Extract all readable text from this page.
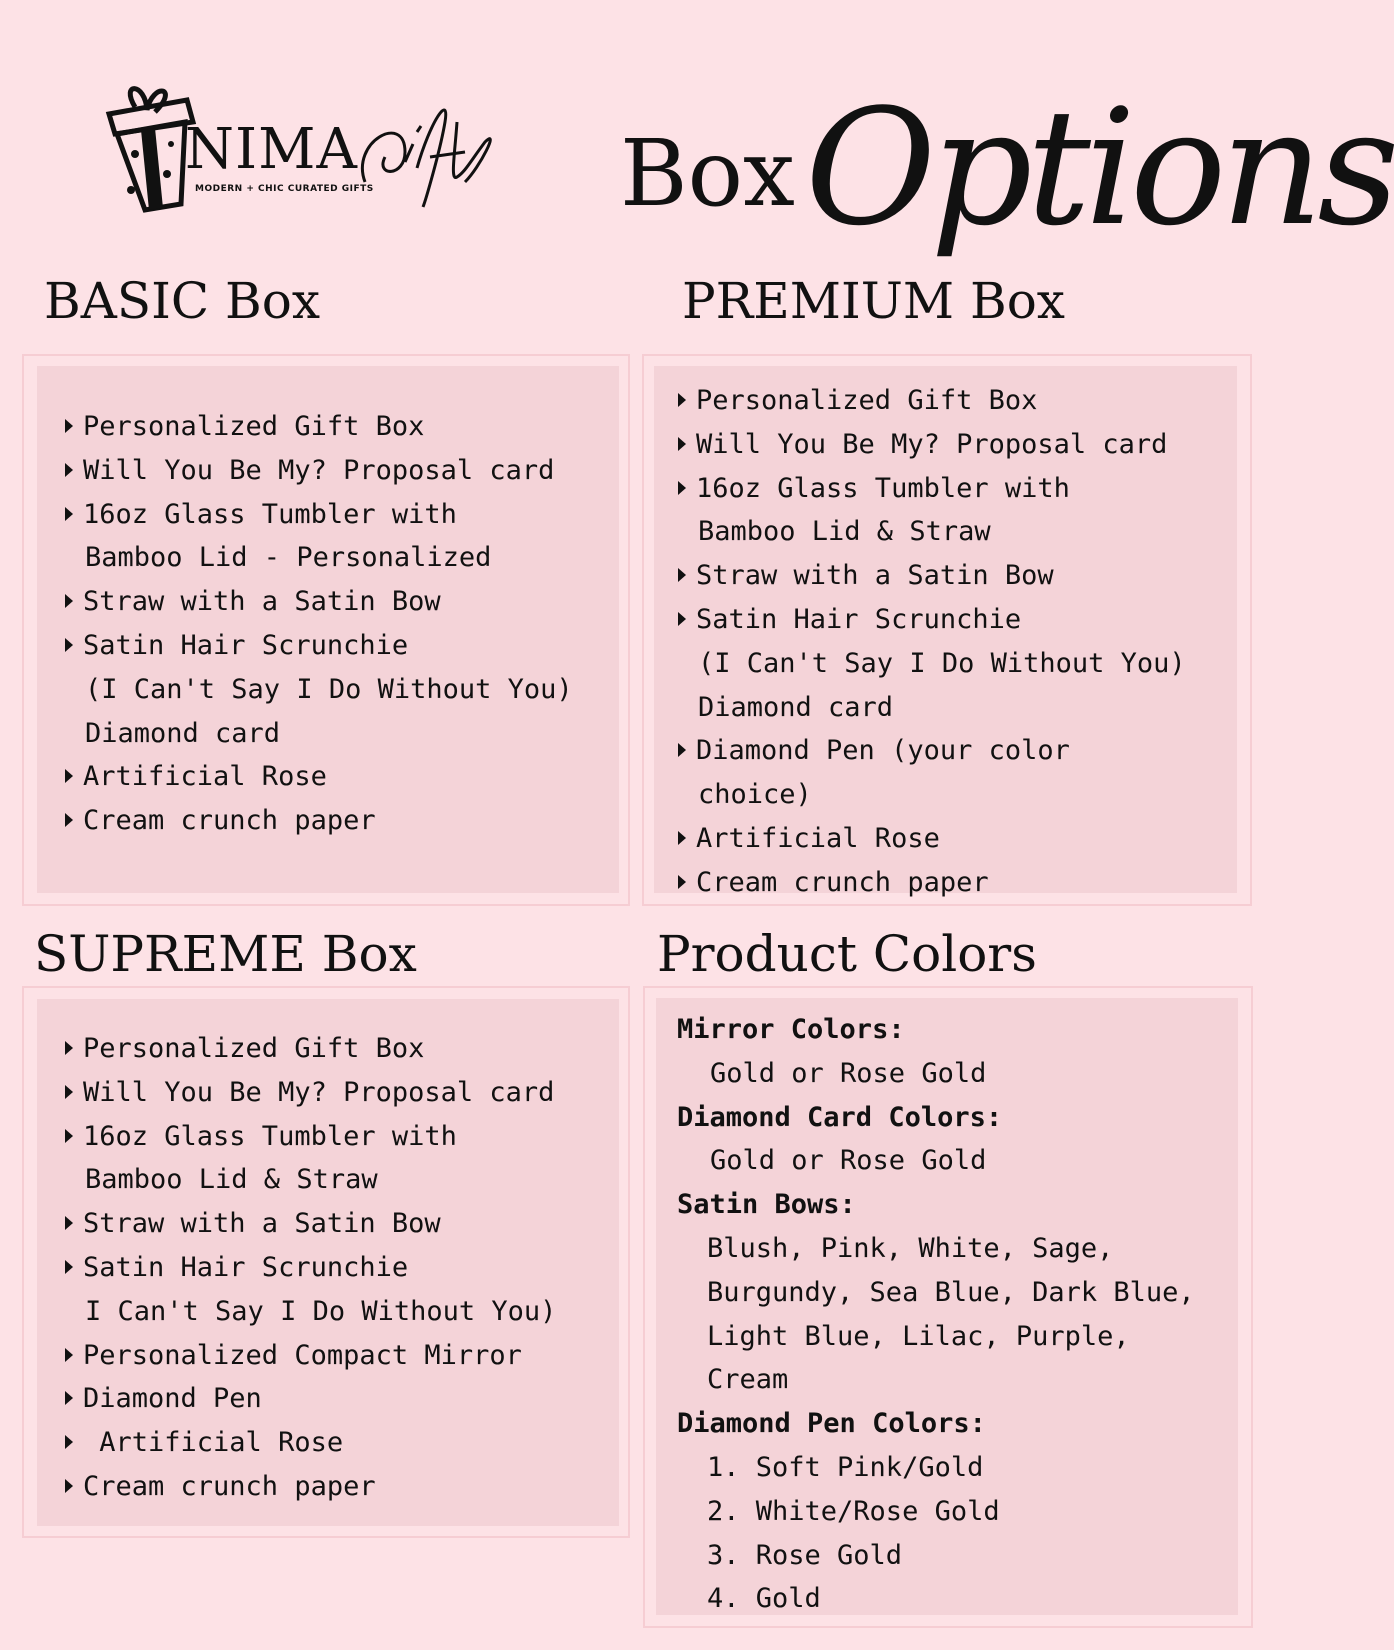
NIMA
MODERN + CHIC CURATED GIFTS	Box Options
BASIC Box
Personalized Gift Box
Will You Be My? Proposal card
16oz Glass Tumbler with
Bamboo Lid - Personalized
Straw with a Satin Bow
Satin Hair Scrunchie
(I Can't Say I Do Without You)
Diamond card
Artificial Rose
Cream crunch paper
PREMIUM Box
Personalized Gift Box
Will You Be My? Proposal card
16oz Glass Tumbler with
Bamboo Lid & Straw
Straw with a Satin Bow
Satin Hair Scrunchie
(I Can't Say I Do Without You)
Diamond card
Diamond Pen (your color
choice)
Artificial Rose
Cream crunch paper
SUPREME Box
Personalized Gift Box
Will You Be My? Proposal card
16oz Glass Tumbler with
Bamboo Lid & Straw
Straw with a Satin Bow
Satin Hair Scrunchie
I Can't Say I Do Without You)
Personalized Compact Mirror
Diamond Pen
Artificial Rose
Cream crunch paper
Product Colors
Mirror Colors:
Gold or Rose Gold
Diamond Card Colors:
Gold or Rose Gold
Satin Bows:
Blush, Pink, White, Sage,
Burgundy, Sea Blue, Dark Blue,
Light Blue, Lilac, Purple,
Cream
Diamond Pen Colors:
1. Soft Pink/Gold
2. White/Rose Gold
3. Rose Gold
4. Gold
